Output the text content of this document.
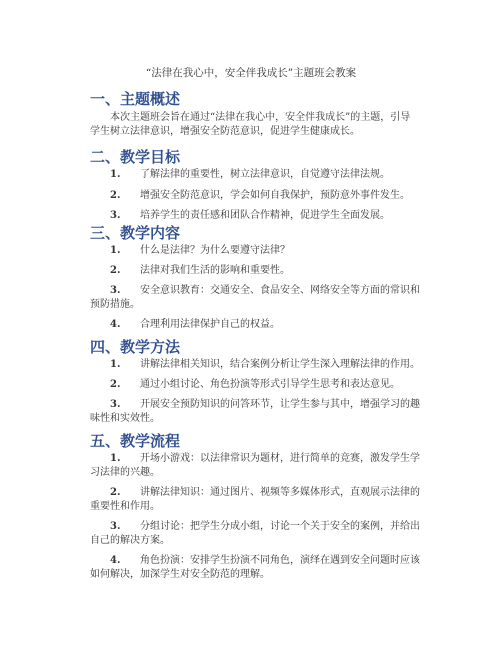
“法律在我心中，安全伴我成长”主题班会教案
一、主题概述
本次主题班会旨在通过“法律在我心中，安全伴我成长”的主题，引导学生树立法律意识，增强安全防范意识，促进学生健康成长。
二、教学目标
1. 了解法律的重要性，树立法律意识，自觉遵守法律法规。
2. 增强安全防范意识，学会如何自我保护，预防意外事件发生。
3. 培养学生的责任感和团队合作精神，促进学生全面发展。
三、教学内容
1. 什么是法律？为什么要遵守法律？
2. 法律对我们生活的影响和重要性。
3. 安全意识教育：交通安全、食品安全、网络安全等方面的常识和预防措施。
4. 合理利用法律保护自己的权益。
四、教学方法
1. 讲解法律相关知识，结合案例分析让学生深入理解法律的作用。
2. 通过小组讨论、角色扮演等形式引导学生思考和表达意见。
3. 开展安全预防知识的问答环节，让学生参与其中，增强学习的趣味性和实效性。
五、教学流程
1. 开场小游戏：以法律常识为题材，进行简单的竞赛，激发学生学习法律的兴趣。
2. 讲解法律知识：通过图片、视频等多媒体形式，直观展示法律的重要性和作用。
3. 分组讨论：把学生分成小组，讨论一个关于安全的案例，并给出自己的解决方案。
4. 角色扮演：安排学生扮演不同角色，演绎在遇到安全问题时应该如何解决，加深学生对安全防范的理解。
